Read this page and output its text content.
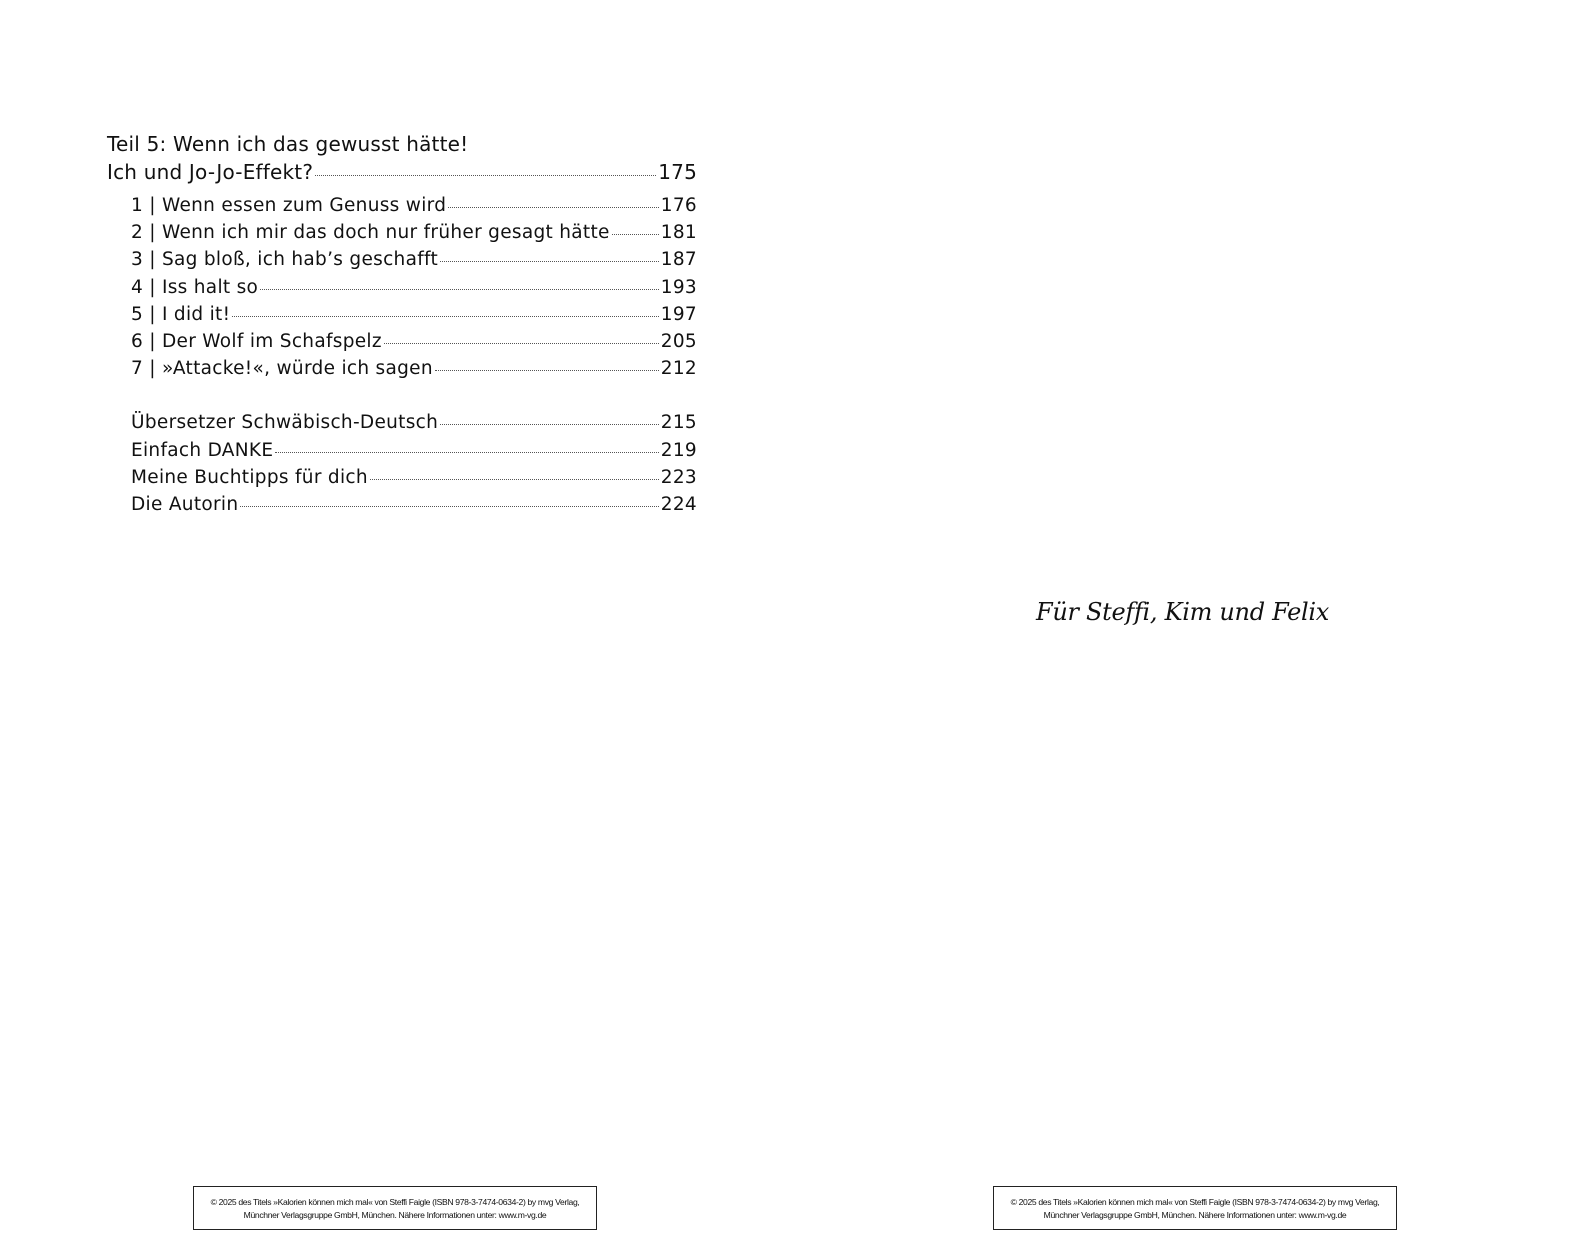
Teil 5: Wenn ich das gewusst hätte!
Ich und Jo-Jo-Effekt?	175
1 | Wenn essen zum Genuss wird	176
2 | Wenn ich mir das doch nur früher gesagt hätte	181
3 | Sag bloß, ich hab’s geschafft	187
4 | Iss halt so	193
5 | I did it!	197
6 | Der Wolf im Schafspelz	205
7 | »Attacke!«, würde ich sagen	212
Übersetzer Schwäbisch-Deutsch	215
Einfach DANKE	219
Meine Buchtipps für dich	223
Die Autorin	224
© 2025 des Titels »Kalorien können mich mal« von Steffi Faigle (ISBN 978-3-7474-0634-2) by mvg Verlag,
Münchner Verlagsgruppe GmbH, München. Nähere Informationen unter: www.m-vg.de
Für Steffi, Kim und Felix
© 2025 des Titels »Kalorien können mich mal« von Steffi Faigle (ISBN 978-3-7474-0634-2) by mvg Verlag,
Münchner Verlagsgruppe GmbH, München. Nähere Informationen unter: www.m-vg.de
